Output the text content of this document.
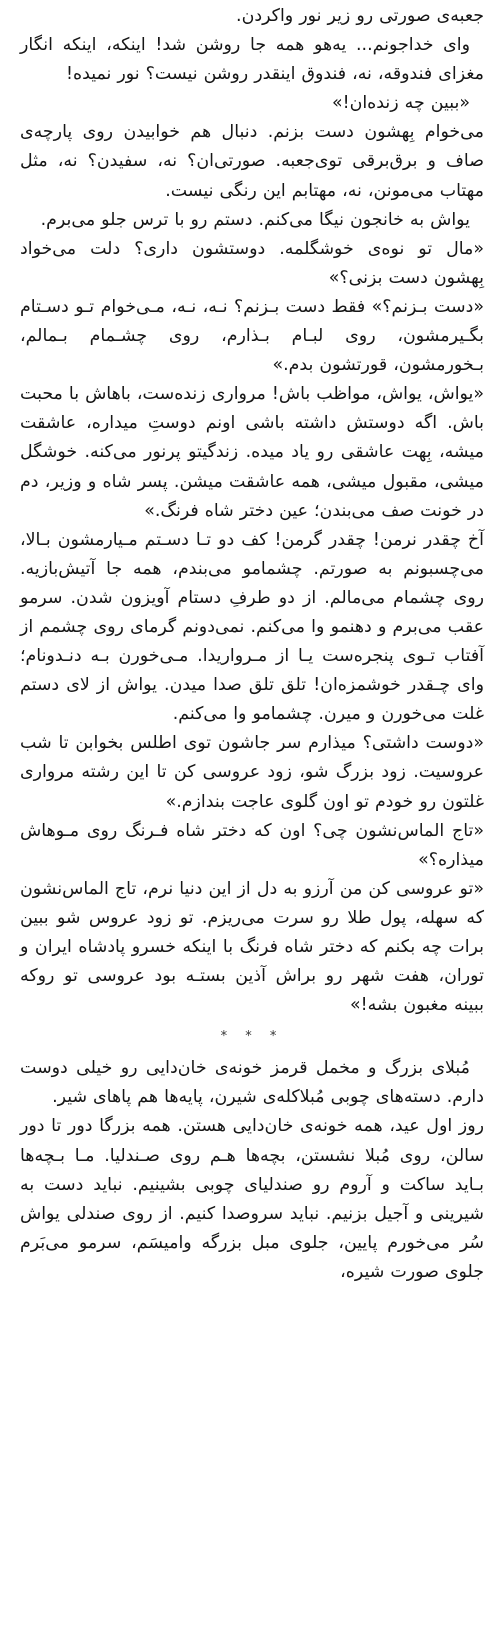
جعبه‌ی صورتی رو زیر نور واکردن.

وای خداجونم... یه‌هو همه جا روشن شد! اینکه، اینکه انگار مغزای فندوقه، نه، فندوق اینقدر روشن نیست؟ نور نمیده!

«ببین چه زنده‌ان!»

می‌خوام بِهشون دست بزنم. دنبال هم خوابیدن روی پارچه‌ی صاف و برق‌برقی توی‌جعبه. صورتی‌ان؟ نه، سفیدن؟ نه، مثل مهتاب می‌مونن، نه، مهتابم این رنگی نیست.

یواش به خانجون نیگا می‌کنم. دستم رو با ترس جلو می‌برم.

«مال تو نوه‌ی خوشگلمه. دوستشون داری؟ دلت می‌خواد بِهشون دست بزنی؟»

«دست بـزنم؟» فقط دست بـزنم؟ نـه، نـه، مـی‌خوام تـو دسـتام بگـیرمشون، روی لبـام بـذارم، روی چشـمام بـمالم، بـخورمشون، قورتشون بدم.»

«یواش، یواش، مواظب باش! مرواری زنده‌ست، باهاش با محبت باش. اگه دوستش داشته باشی اونم دوستِ میداره، عاشقت میشه، بِهت عاشقی رو یاد میده. زندگیتو پرنور می‌کنه. خوشگل میشی، مقبول میشی، همه عاشقت میشن. پسر شاه و وزیر، دم در خونت صف می‌بندن؛ عین دختر شاه فرنگ.»

آخ چقدر نرمن! چقدر گرمن! کف دو تـا دسـتم مـیارمشون بـالا، می‌چسبونم به صورتم. چشمامو می‌بندم، همه جا آتیش‌بازیه. روی چشمام می‌مالم. از دو طرفِ دستام آویزون شدن. سرمو عقب می‌برم و دهنمو وا می‌کنم. نمی‌دونم گرمای روی چشمم از آفتاب تـوی پنجره‌ست یـا از مـرواریدا. مـی‌خورن بـه دنـدونام؛ وای چـقدر خوشمزه‌ان! تلق تلق صدا میدن. یواش از لای دستم غلت می‌خورن و میرن. چشمامو وا می‌کنم.

«دوست داشتی؟ میذارم سر جاشون توی اطلس بخوابن تا شب عروسیت. زود بزرگ شو، زود عروسی کن تا این رشته مرواری غلتون رو خودم تو اون گلوی عاجت بندازم.»

«تاج الماس‌نشون چی؟ اون که دختر شاه فـرنگ روی مـوهاش میذاره؟»

«تو عروسی کن من آرزو به دل از این دنیا نرم، تاج الماس‌نشون که سهله، پول طلا رو سرت می‌ریزم. تو زود عروس شو ببین برات چه بکنم که دختر شاه فرنگ با اینکه خسرو پادشاه ایران و توران، هفت شهر رو براش آذین بستـه بود عروسی تو روکه ببینه مغبون بشه!»

* * *

مُبلای بزرگ و مخمل قرمز خونه‌ی خان‌دایی رو خیلی دوست دارم. دسته‌های چوبی مُبلاکله‌ی شیرن، پایه‌ها هم پاهای شیر.

روز اول عید، همه خونه‌ی خان‌دایی هستن. همه بزرگا دور تا دور سالن، روی مُبلا نشستن، بچه‌ها هـم روی صـندلیا. مـا بـچه‌ها بـاید ساکت و آروم رو صندلیای چوبی بشینیم. نباید دست به شیرینی و آجیل بزنیم. نباید سروصدا کنیم. از روی صندلی یواش سُر می‌خورم پایین، جلوی مبل بزرگه وامیسَم، سرمو می‌بَرم جلوی صورت شیره،
